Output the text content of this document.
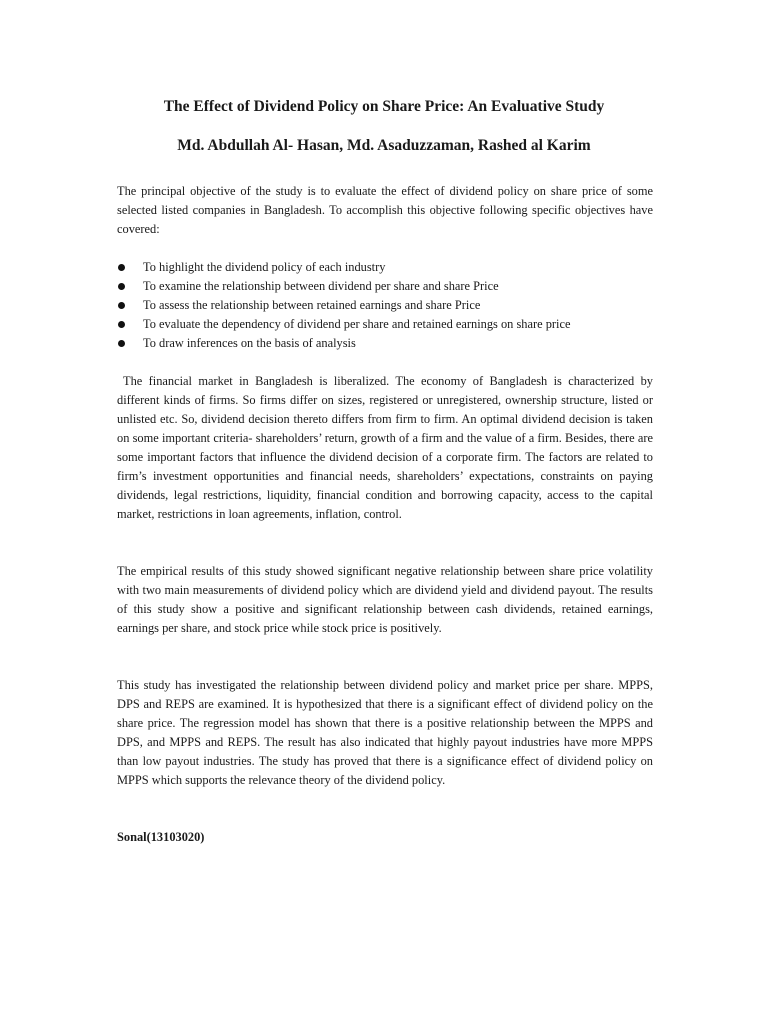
The Effect of Dividend Policy on Share Price: An Evaluative Study
Md. Abdullah Al- Hasan, Md. Asaduzzaman, Rashed al Karim

The principal objective of the study is to evaluate the effect of dividend policy on share price of some selected listed companies in Bangladesh. To accomplish this objective following specific objectives have covered:

To highlight the dividend policy of each industry
To examine the relationship between dividend per share and share Price
To assess the relationship between retained earnings and share Price
To evaluate the dependency of dividend per share and retained earnings on share price
To draw inferences on the basis of analysis

The financial market in Bangladesh is liberalized. The economy of Bangladesh is characterized by different kinds of firms. So firms differ on sizes, registered or unregistered, ownership structure, listed or unlisted etc. So, dividend decision thereto differs from firm to firm. An optimal dividend decision is taken on some important criteria- shareholders’ return, growth of a firm and the value of a firm. Besides, there are some important factors that influence the dividend decision of a corporate firm. The factors are related to firm’s investment opportunities and financial needs, shareholders’ expectations, constraints on paying dividends, legal restrictions, liquidity, financial condition and borrowing capacity, access to the capital market, restrictions in loan agreements, inflation, control.

The empirical results of this study showed significant negative relationship between share price volatility with two main measurements of dividend policy which are dividend yield and dividend payout. The results of this study show a positive and significant relationship between cash dividends, retained earnings, earnings per share, and stock price while stock price is positively.

This study has investigated the relationship between dividend policy and market price per share. MPPS, DPS and REPS are examined. It is hypothesized that there is a significant effect of dividend policy on the share price. The regression model has shown that there is a positive relationship between the MPPS and DPS, and MPPS and REPS. The result has also indicated that highly payout industries have more MPPS than low payout industries. The study has proved that there is a significance effect of dividend policy on MPPS which supports the relevance theory of the dividend policy.

Sonal(13103020)
